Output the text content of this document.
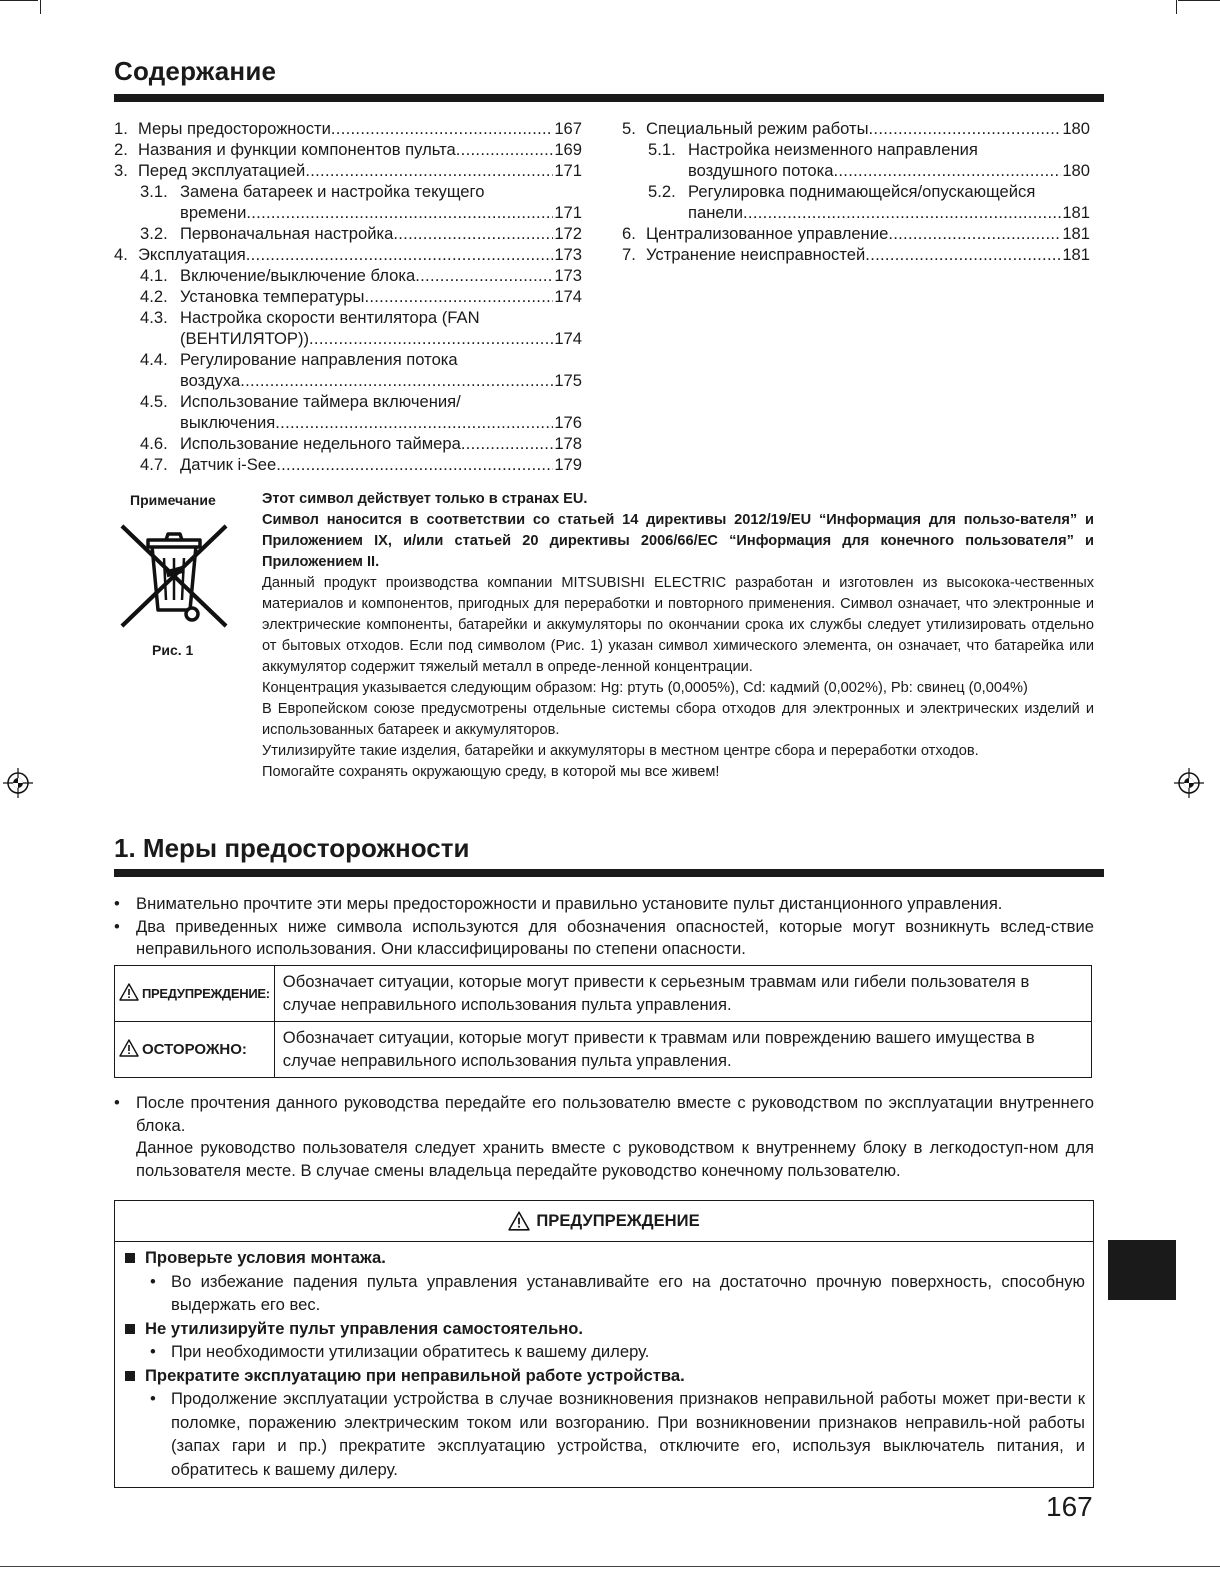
Содержание
1. Меры предосторожности .....	167
2. Названия и функции компонентов пульта .....	169
3. Перед эксплуатацией .....	171
3.1. Замена батареек и настройка текущего
времени .....	171
3.2. Первоначальная настройка .....	172
4. Эксплуатация .....	173
4.1. Включение/выключение блока .....	173
4.2. Установка температуры .....	174
4.3. Настройка скорости вентилятора (FAN
(ВЕНТИЛЯТОР)) .....	174
4.4. Регулирование направления потока
воздуха .....	175
4.5. Использование таймера включения/
выключения .....	176
4.6. Использование недельного таймера .....	178
4.7. Датчик i-See .....	179
5. Специальный режим работы .....	180
5.1. Настройка неизменного направления
воздушного потока .....	180
5.2. Регулировка поднимающейся/опускающейся
панели .....	181
6. Централизованное управление .....	181
7. Устранение неисправностей .....	181
Примечание
Рис. 1

Этот символ действует только в странах EU.

Символ наносится в соответствии со статьей 14 директивы 2012/19/EU “Информация для пользо-вателя” и Приложением IX, и/или статьей 20 директивы 2006/66/EC “Информация для конечного пользователя” и Приложением II.

Данный продукт производства компании MITSUBISHI ELECTRIC разработан и изготовлен из высокока-чественных материалов и компонентов, пригодных для переработки и повторного применения. Символ означает, что электронные и электрические компоненты, батарейки и аккумуляторы по окончании срока их службы следует утилизировать отдельно от бытовых отходов. Если под символом (Рис. 1) указан символ химического элемента, он означает, что батарейка или аккумулятор содержит тяжелый металл в опреде-ленной концентрации.

Концентрация указывается следующим образом: Hg: ртуть (0,0005%), Cd: кадмий (0,002%), Pb: свинец (0,004%)

В Европейском союзе предусмотрены отдельные системы сбора отходов для электронных и электрических изделий и использованных батареек и аккумуляторов.

Утилизируйте такие изделия, батарейки и аккумуляторы в местном центре сбора и переработки отходов.

Помогайте сохранять окружающую среду, в которой мы все живем!

1. Меры предосторожности

• Внимательно прочтите эти меры предосторожности и правильно установите пульт дистанционного управления.

• Два приведенных ниже символа используются для обозначения опасностей, которые могут возникнуть вслед-ствие неправильного использования. Они классифицированы по степени опасности.

ПРЕДУПРЕЖДЕНИЕ:	Обозначает ситуации, которые могут привести к серьезным травмам или гибели пользователя в случае неправильного использования пульта управления.
ОСТОРОЖНО:	Обозначает ситуации, которые могут привести к травмам или повреждению вашего имущества в случае неправильного использования пульта управления.

• После прочтения данного руководства передайте его пользователю вместе с руководством по эксплуатации внутреннего блока.

Данное руководство пользователя следует хранить вместе с руководством к внутреннему блоку в легкодоступ-ном для пользователя месте. В случае смены владельца передайте руководство конечному пользователю.

ПРЕДУПРЕЖДЕНИЕ
Проверьте условия монтажа.
• Во избежание падения пульта управления устанавливайте его на достаточно прочную поверхность, способную выдержать его вес.
Не утилизируйте пульт управления самостоятельно.
• При необходимости утилизации обратитесь к вашему дилеру.
Прекратите эксплуатацию при неправильной работе устройства.
• Продолжение эксплуатации устройства в случае возникновения признаков неправильной работы может при-вести к поломке, поражению электрическим током или возгоранию. При возникновении признаков неправиль-ной работы (запах гари и пр.) прекратите эксплуатацию устройства, отключите его, используя выключатель питания, и обратитесь к вашему дилеру.
167
